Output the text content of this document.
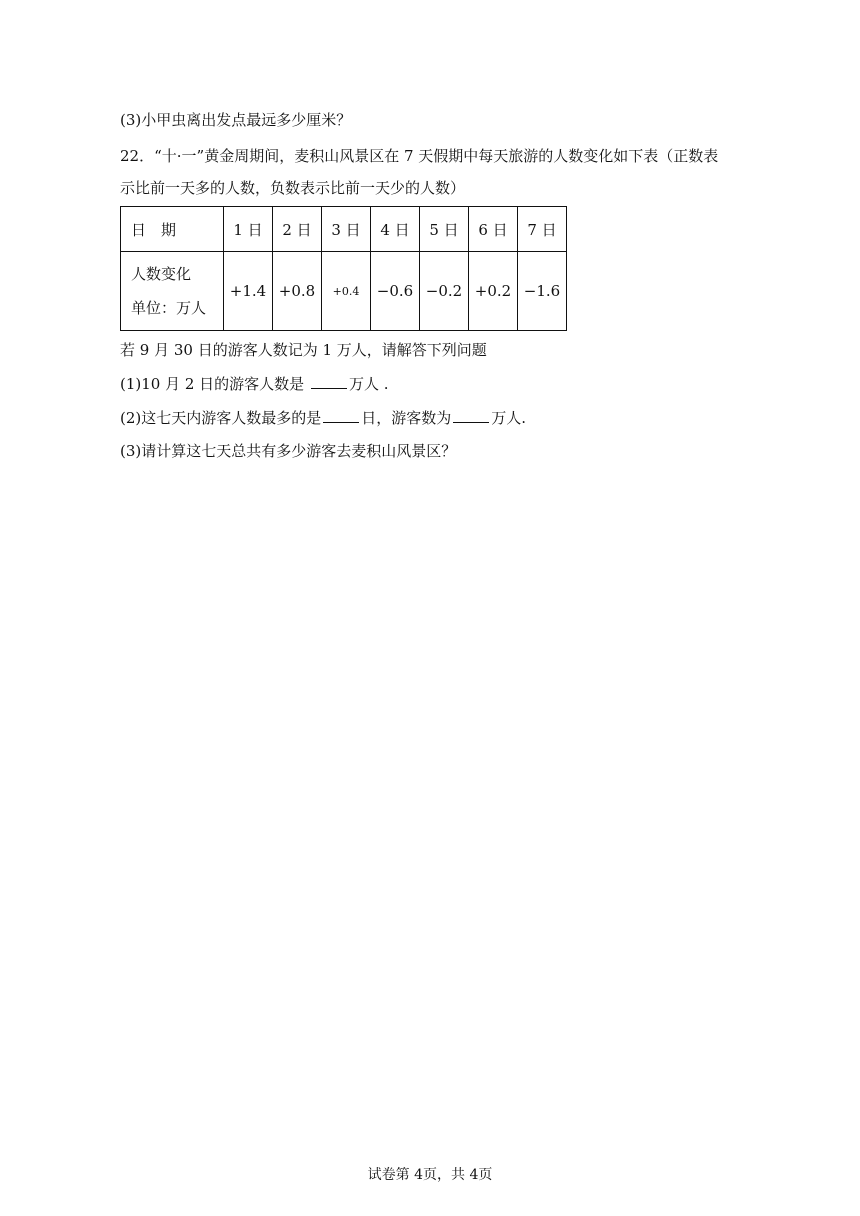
(3)小甲虫离出发点最远多少厘米？
22．“十·一”黄金周期间，麦积山风景区在 7 天假期中每天旅游的人数变化如下表（正数表
示比前一天多的人数，负数表示比前一天少的人数）
日　期	1 日	2 日	3 日	4 日	5 日	6 日	7 日

人数变化
单位：万人	+1.4	+0.8	+0.4	−0.6	−0.2	+0.2	−1.6
若 9 月 30 日的游客人数记为 1 万人，请解答下列问题
(1)10 月 2 日的游客人数是	万人 .
(2)这七天内游客人数最多的是	日，游客数为	万人.
(3)请计算这七天总共有多少游客去麦积山风景区？
试卷第 4页，共 4页
